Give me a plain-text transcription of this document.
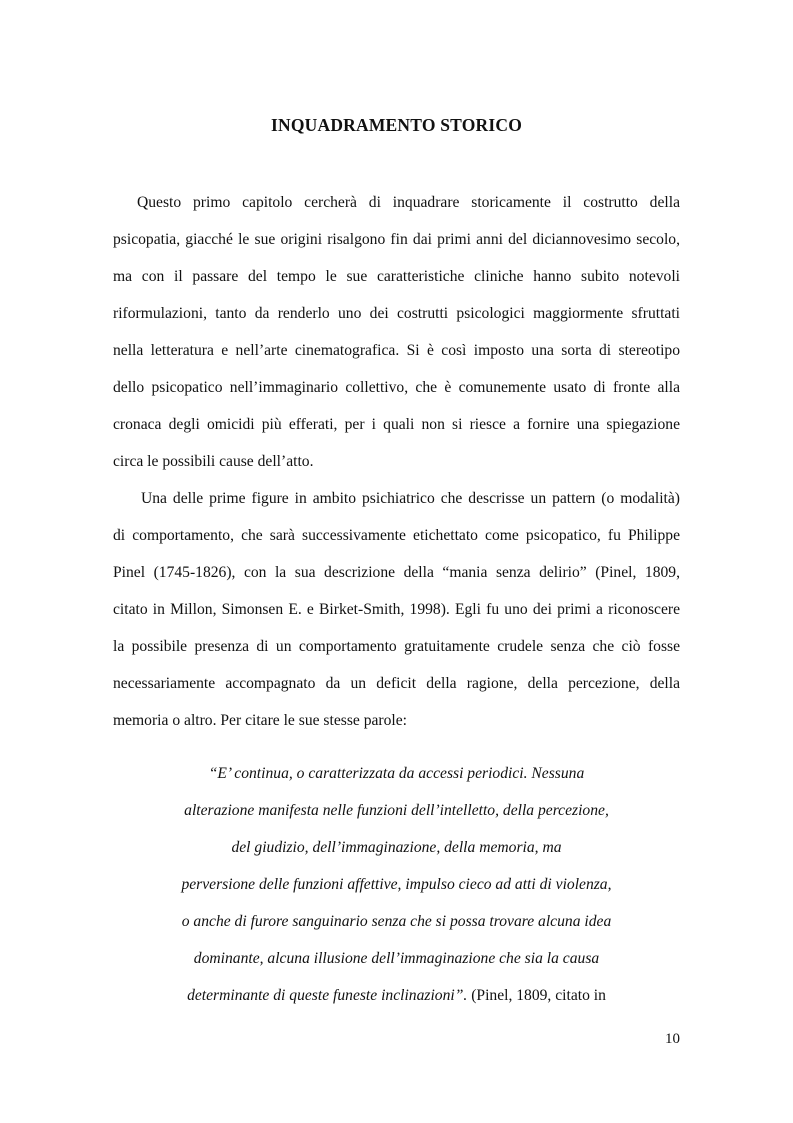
INQUADRAMENTO STORICO
Questo primo capitolo cercherà di inquadrare storicamente il costrutto della
psicopatia, giacché le sue origini risalgono fin dai primi anni del diciannovesimo secolo,
ma con il passare del tempo le sue caratteristiche cliniche hanno subito notevoli
riformulazioni, tanto da renderlo uno dei costrutti psicologici maggiormente sfruttati
nella letteratura e nell’arte cinematografica. Si è così imposto una sorta di stereotipo
dello psicopatico nell’immaginario collettivo, che è comunemente usato di fronte alla
cronaca degli omicidi più efferati, per i quali non si riesce a fornire una spiegazione
circa le possibili cause dell’atto.
Una delle prime figure in ambito psichiatrico che descrisse un pattern (o modalità)
di comportamento, che sarà successivamente etichettato come psicopatico, fu Philippe
Pinel (1745-1826), con la sua descrizione della “mania senza delirio” (Pinel, 1809,
citato in Millon, Simonsen E. e Birket-Smith, 1998). Egli fu uno dei primi a riconoscere
la possibile presenza di un comportamento gratuitamente crudele senza che ciò fosse
necessariamente accompagnato da un deficit della ragione, della percezione, della
memoria o altro. Per citare le sue stesse parole:
“E’ continua, o caratterizzata da accessi periodici. Nessuna
alterazione manifesta nelle funzioni dell’intelletto, della percezione,
del giudizio, dell’immaginazione, della memoria, ma
perversione delle funzioni affettive, impulso cieco ad atti di violenza,
o anche di furore sanguinario senza che si possa trovare alcuna idea
dominante, alcuna illusione dell’immaginazione che sia la causa
determinante di queste funeste inclinazioni”. (Pinel, 1809, citato in
10
